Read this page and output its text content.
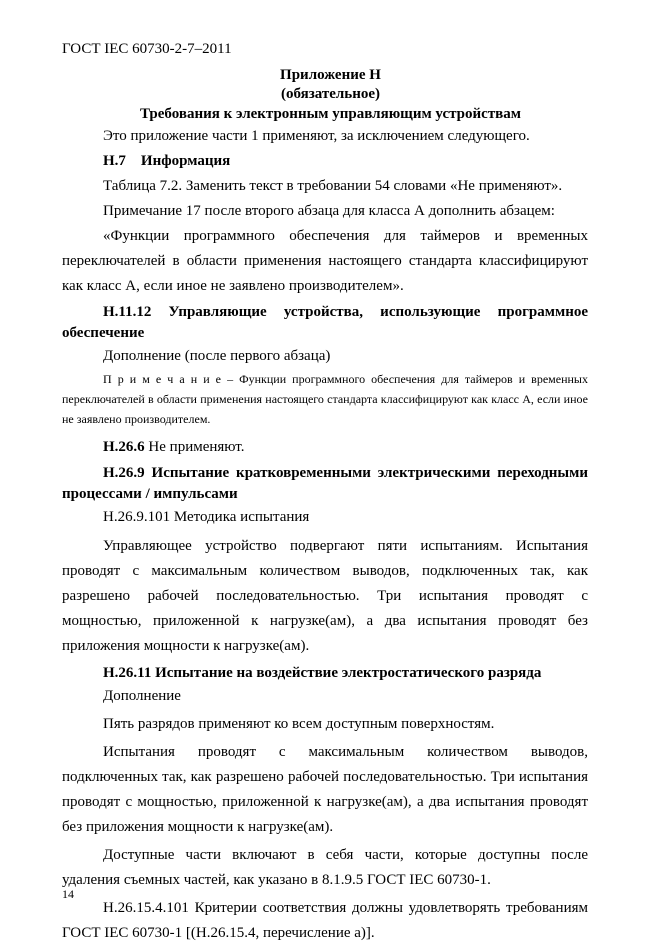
ГОСТ IEC 60730-2-7–2011
Приложение Н
(обязательное)
Требования к электронным управляющим устройствам
Это приложение части 1 применяют, за исключением следующего.
Н.7 Информация
Таблица 7.2. Заменить текст в требовании 54 словами «Не применяют».
Примечание 17 после второго абзаца для класса А дополнить абзацем:
«Функции программного обеспечения для таймеров и временных переключателей в области применения настоящего стандарта классифицируют как класс А, если иное не заявлено производителем».
Н.11.12 Управляющие устройства, использующие программное обеспечение
Дополнение (после первого абзаца)
П р и м е ч а н и е – Функции программного обеспечения для таймеров и временных переключателей в области применения настоящего стандарта классифицируют как класс А, если иное не заявлено производителем.
Н.26.6 Не применяют.
Н.26.9 Испытание кратковременными электрическими переходными процессами / импульсами
Н.26.9.101 Методика испытания
Управляющее устройство подвергают пяти испытаниям. Испытания проводят с максимальным количеством выводов, подключенных так, как разрешено рабочей последовательностью. Три испытания проводят с мощностью, приложенной к нагрузке(ам), а два испытания проводят без приложения мощности к нагрузке(ам).
Н.26.11 Испытание на воздействие электростатического разряда
Дополнение
Пять разрядов применяют ко всем доступным поверхностям.
Испытания проводят с максимальным количеством выводов, подключенных так, как разрешено рабочей последовательностью. Три испытания проводят с мощностью, приложенной к нагрузке(ам), а два испытания проводят без приложения мощности к нагрузке(ам).
Доступные части включают в себя части, которые доступны после удаления съемных частей, как указано в 8.1.9.5 ГОСТ IEC 60730-1.
Н.26.15.4.101 Критерии соответствия должны удовлетворять требованиям ГОСТ IEC 60730-1 [(Н.26.15.4, перечисление а)].
14
